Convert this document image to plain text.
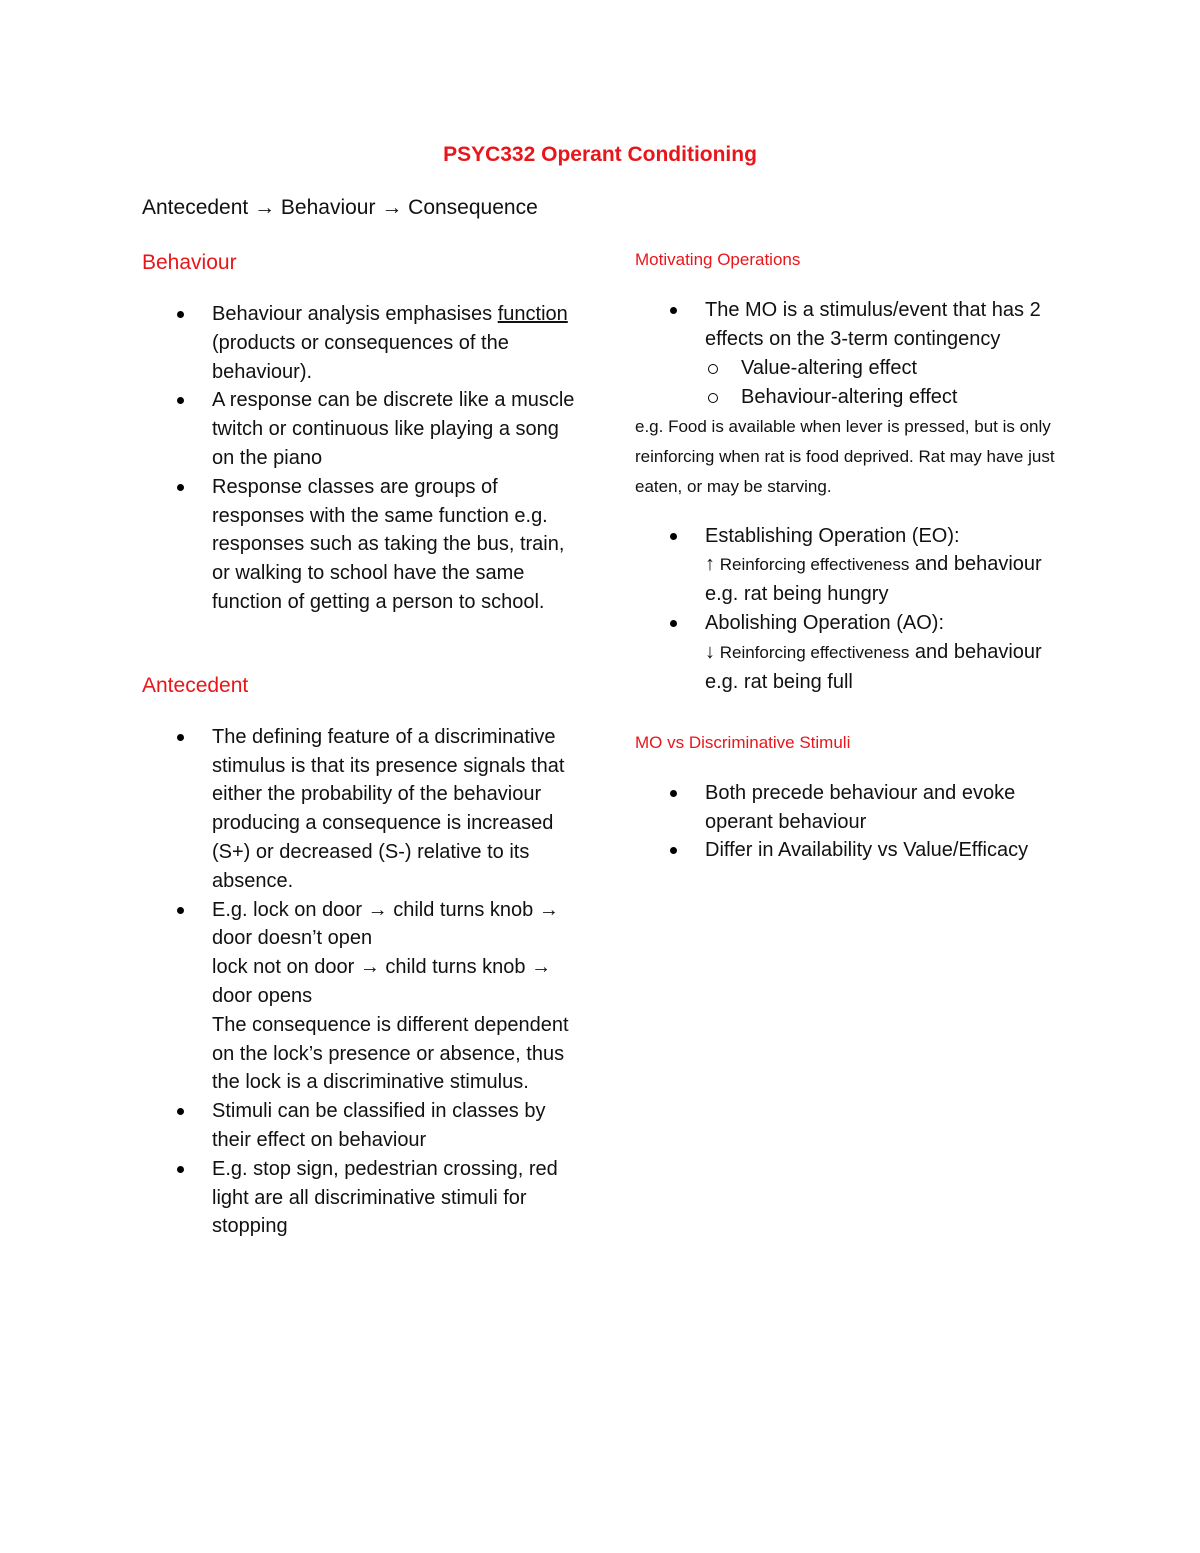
PSYC332 Operant Conditioning
Antecedent → Behaviour → Consequence
Behaviour
Behaviour analysis emphasises function (products or consequences of the behaviour).
A response can be discrete like a muscle twitch or continuous like playing a song on the piano
Response classes are groups of responses with the same function e.g. responses such as taking the bus, train, or walking to school have the same function of getting a person to school.
Antecedent
The defining feature of a discriminative stimulus is that its presence signals that either the probability of the behaviour producing a consequence is increased (S+) or decreased (S-) relative to its absence.
E.g. lock on door → child turns knob → door doesn’t open
lock not on door → child turns knob → door opens
The consequence is different dependent on the lock’s presence or absence, thus the lock is a discriminative stimulus.
Stimuli can be classified in classes by their effect on behaviour
E.g. stop sign, pedestrian crossing, red light are all discriminative stimuli for stopping
Motivating Operations
The MO is a stimulus/event that has 2 effects on the 3-term contingency
Value-altering effect
Behaviour-altering effect
e.g. Food is available when lever is pressed, but is only reinforcing when rat is food deprived. Rat may have just eaten, or may be starving.
Establishing Operation (EO):
↑ Reinforcing effectiveness and behaviour e.g. rat being hungry
Abolishing Operation (AO):
↓ Reinforcing effectiveness and behaviour e.g. rat being full
MO vs Discriminative Stimuli
Both precede behaviour and evoke operant behaviour
Differ in Availability vs Value/Efficacy
